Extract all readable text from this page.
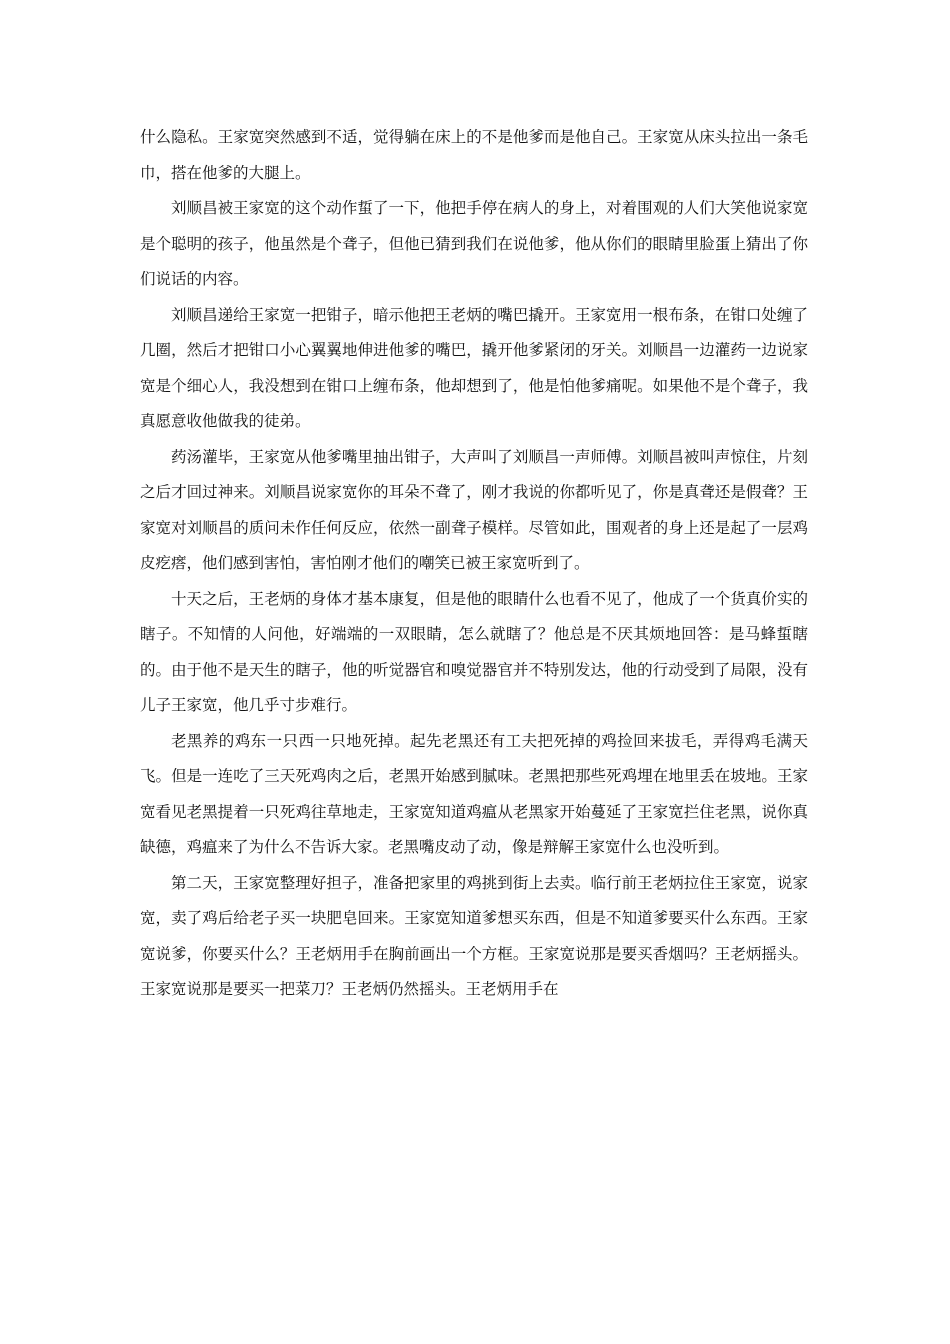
什么隐私。王家宽突然感到不适，觉得躺在床上的不是他爹而是他自己。王家宽从床头拉出一条毛巾，搭在他爹的大腿上。

刘顺昌被王家宽的这个动作蜇了一下，他把手停在病人的身上，对着围观的人们大笑他说家宽是个聪明的孩子，他虽然是个聋子，但他已猜到我们在说他爹，他从你们的眼睛里脸蛋上猜出了你们说话的内容。

刘顺昌递给王家宽一把钳子，暗示他把王老炳的嘴巴撬开。王家宽用一根布条，在钳口处缠了几圈，然后才把钳口小心翼翼地伸进他爹的嘴巴，撬开他爹紧闭的牙关。刘顺昌一边灌药一边说家宽是个细心人，我没想到在钳口上缠布条，他却想到了，他是怕他爹痛呢。如果他不是个聋子，我真愿意收他做我的徒弟。

药汤灌毕，王家宽从他爹嘴里抽出钳子，大声叫了刘顺昌一声师傅。刘顺昌被叫声惊住，片刻之后才回过神来。刘顺昌说家宽你的耳朵不聋了，刚才我说的你都听见了，你是真聋还是假聋？王家宽对刘顺昌的质问未作任何反应，依然一副聋子模样。尽管如此，围观者的身上还是起了一层鸡皮疙瘩，他们感到害怕，害怕刚才他们的嘲笑已被王家宽听到了。

十天之后，王老炳的身体才基本康复，但是他的眼睛什么也看不见了，他成了一个货真价实的瞎子。不知情的人问他，好端端的一双眼睛，怎么就瞎了？他总是不厌其烦地回答：是马蜂蜇瞎的。由于他不是天生的瞎子，他的听觉器官和嗅觉器官并不特别发达，他的行动受到了局限，没有儿子王家宽，他几乎寸步难行。

老黑养的鸡东一只西一只地死掉。起先老黑还有工夫把死掉的鸡捡回来拔毛，弄得鸡毛满天飞。但是一连吃了三天死鸡肉之后，老黑开始感到腻味。老黑把那些死鸡埋在地里丢在坡地。王家宽看见老黑提着一只死鸡往草地走，王家宽知道鸡瘟从老黑家开始蔓延了王家宽拦住老黑，说你真缺德，鸡瘟来了为什么不告诉大家。老黑嘴皮动了动，像是辩解王家宽什么也没听到。

第二天，王家宽整理好担子，准备把家里的鸡挑到街上去卖。临行前王老炳拉住王家宽，说家宽，卖了鸡后给老子买一块肥皂回来。王家宽知道爹想买东西，但是不知道爹要买什么东西。王家宽说爹，你要买什么？王老炳用手在胸前画出一个方框。王家宽说那是要买香烟吗？王老炳摇头。王家宽说那是要买一把菜刀？王老炳仍然摇头。王老炳用手在
